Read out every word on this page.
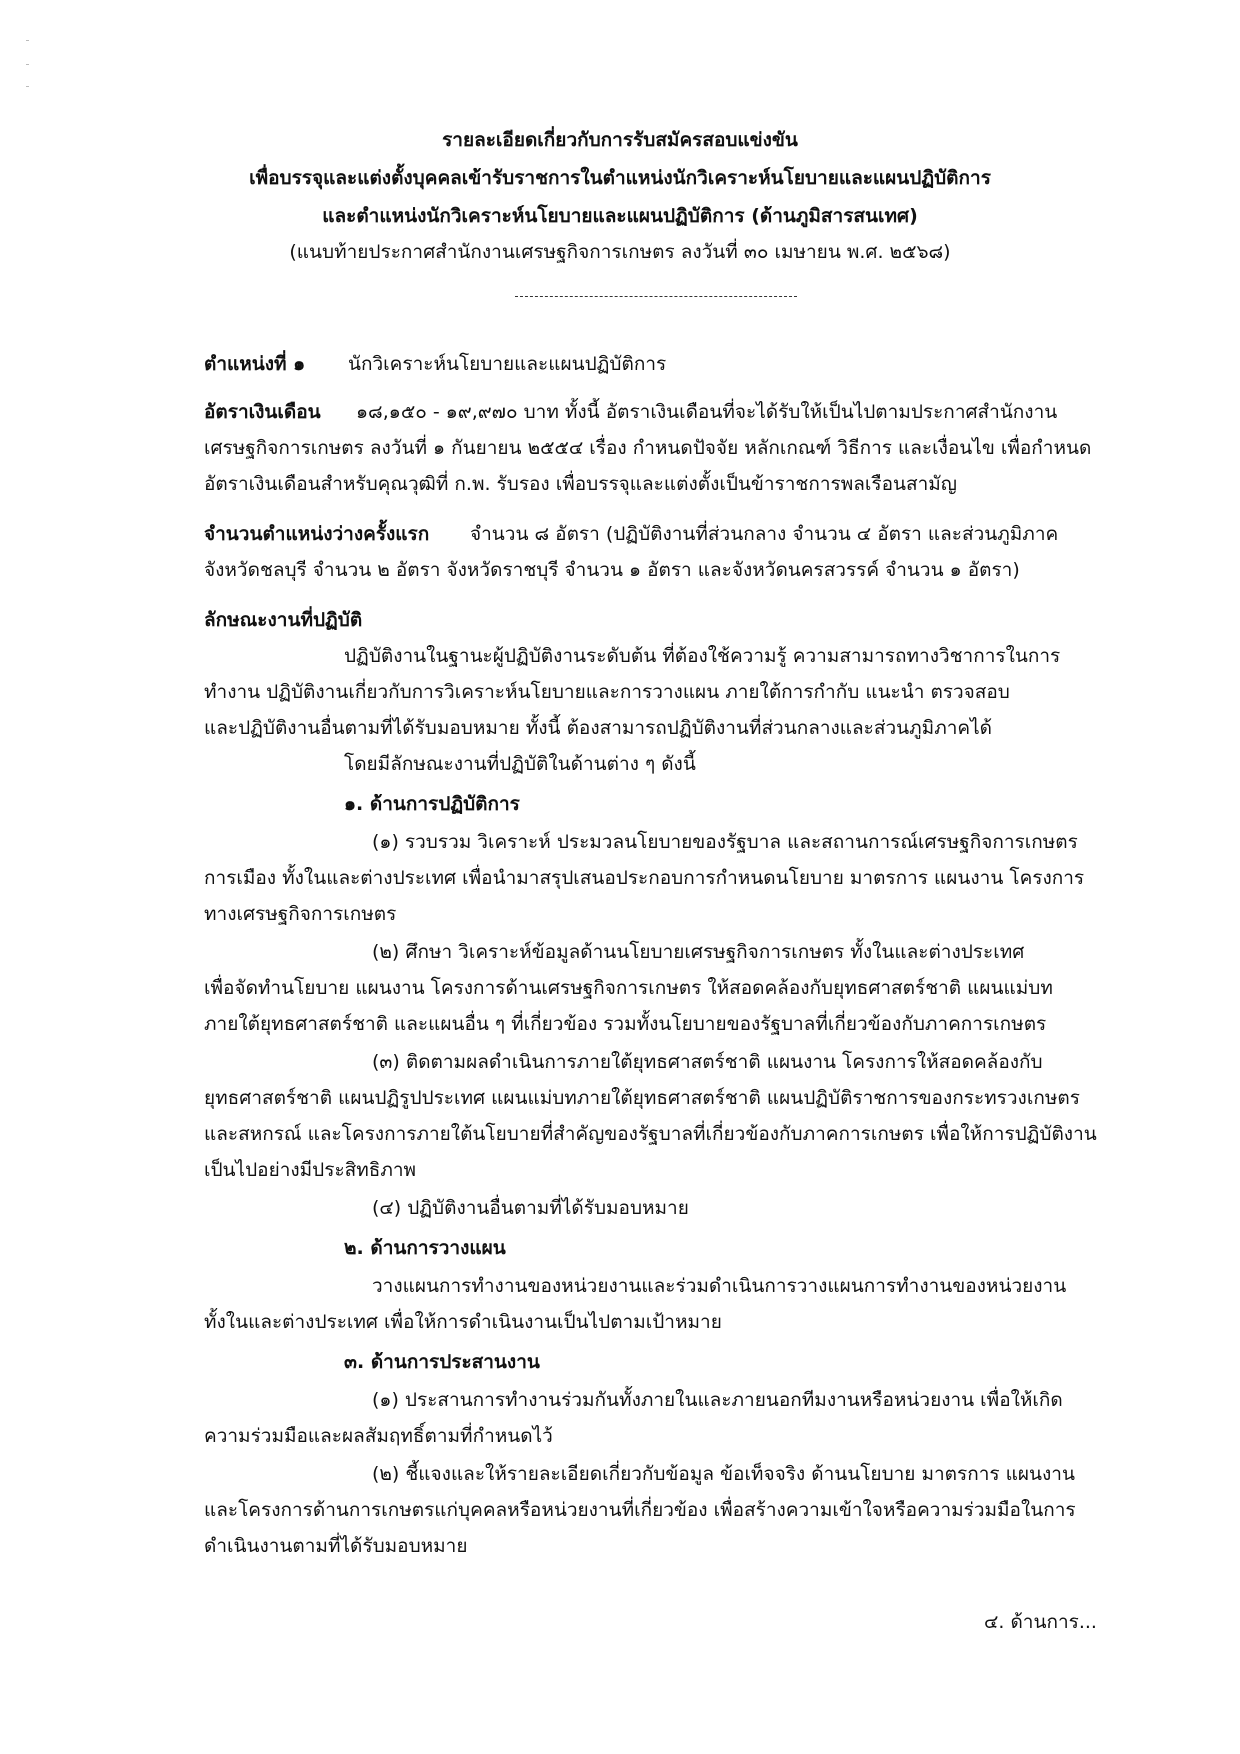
รายละเอียดเกี่ยวกับการรับสมัครสอบแข่งขัน
เพื่อบรรจุและแต่งตั้งบุคคลเข้ารับราชการในตำแหน่งนักวิเคราะห์นโยบายและแผนปฏิบัติการ
และตำแหน่งนักวิเคราะห์นโยบายและแผนปฏิบัติการ (ด้านภูมิสารสนเทศ)
(แนบท้ายประกาศสำนักงานเศรษฐกิจการเกษตร ลงวันที่ ๓๐ เมษายน พ.ศ. ๒๕๖๘)
ตำแหน่งที่ ๑ นักวิเคราะห์นโยบายและแผนปฏิบัติการ
อัตราเงินเดือน ๑๘,๑๕๐ - ๑๙,๙๗๐ บาท ทั้งนี้ อัตราเงินเดือนที่จะได้รับให้เป็นไปตามประกาศสำนักงาน
เศรษฐกิจการเกษตร ลงวันที่ ๑ กันยายน ๒๕๕๔ เรื่อง กำหนดปัจจัย หลักเกณฑ์ วิธีการ และเงื่อนไข เพื่อกำหนด
อัตราเงินเดือนสำหรับคุณวุฒิที่ ก.พ. รับรอง เพื่อบรรจุและแต่งตั้งเป็นข้าราชการพลเรือนสามัญ
จำนวนตำแหน่งว่างครั้งแรก จำนวน ๘ อัตรา (ปฏิบัติงานที่ส่วนกลาง จำนวน ๔ อัตรา และส่วนภูมิภาค
จังหวัดชลบุรี จำนวน ๒ อัตรา จังหวัดราชบุรี จำนวน ๑ อัตรา และจังหวัดนครสวรรค์ จำนวน ๑ อัตรา)
ลักษณะงานที่ปฏิบัติ
ปฏิบัติงานในฐานะผู้ปฏิบัติงานระดับต้น ที่ต้องใช้ความรู้ ความสามารถทางวิชาการในการ
ทำงาน ปฏิบัติงานเกี่ยวกับการวิเคราะห์นโยบายและการวางแผน ภายใต้การกำกับ แนะนำ ตรวจสอบ
และปฏิบัติงานอื่นตามที่ได้รับมอบหมาย ทั้งนี้ ต้องสามารถปฏิบัติงานที่ส่วนกลางและส่วนภูมิภาคได้
โดยมีลักษณะงานที่ปฏิบัติในด้านต่าง ๆ ดังนี้
๑. ด้านการปฏิบัติการ
(๑) รวบรวม วิเคราะห์ ประมวลนโยบายของรัฐบาล และสถานการณ์เศรษฐกิจการเกษตร
การเมือง ทั้งในและต่างประเทศ เพื่อนำมาสรุปเสนอประกอบการกำหนดนโยบาย มาตรการ แผนงาน โครงการ
ทางเศรษฐกิจการเกษตร
(๒) ศึกษา วิเคราะห์ข้อมูลด้านนโยบายเศรษฐกิจการเกษตร ทั้งในและต่างประเทศ
เพื่อจัดทำนโยบาย แผนงาน โครงการด้านเศรษฐกิจการเกษตร ให้สอดคล้องกับยุทธศาสตร์ชาติ แผนแม่บท
ภายใต้ยุทธศาสตร์ชาติ และแผนอื่น ๆ ที่เกี่ยวข้อง รวมทั้งนโยบายของรัฐบาลที่เกี่ยวข้องกับภาคการเกษตร
(๓) ติดตามผลดำเนินการภายใต้ยุทธศาสตร์ชาติ แผนงาน โครงการให้สอดคล้องกับ
ยุทธศาสตร์ชาติ แผนปฏิรูปประเทศ แผนแม่บทภายใต้ยุทธศาสตร์ชาติ แผนปฏิบัติราชการของกระทรวงเกษตร
และสหกรณ์ และโครงการภายใต้นโยบายที่สำคัญของรัฐบาลที่เกี่ยวข้องกับภาคการเกษตร เพื่อให้การปฏิบัติงาน
เป็นไปอย่างมีประสิทธิภาพ
(๔) ปฏิบัติงานอื่นตามที่ได้รับมอบหมาย
๒. ด้านการวางแผน
วางแผนการทำงานของหน่วยงานและร่วมดำเนินการวางแผนการทำงานของหน่วยงาน
ทั้งในและต่างประเทศ เพื่อให้การดำเนินงานเป็นไปตามเป้าหมาย
๓. ด้านการประสานงาน
(๑) ประสานการทำงานร่วมกันทั้งภายในและภายนอกทีมงานหรือหน่วยงาน เพื่อให้เกิด
ความร่วมมือและผลสัมฤทธิ์ตามที่กำหนดไว้
(๒) ชี้แจงและให้รายละเอียดเกี่ยวกับข้อมูล ข้อเท็จจริง ด้านนโยบาย มาตรการ แผนงาน
และโครงการด้านการเกษตรแก่บุคคลหรือหน่วยงานที่เกี่ยวข้อง เพื่อสร้างความเข้าใจหรือความร่วมมือในการ
ดำเนินงานตามที่ได้รับมอบหมาย
๔. ด้านการ...
